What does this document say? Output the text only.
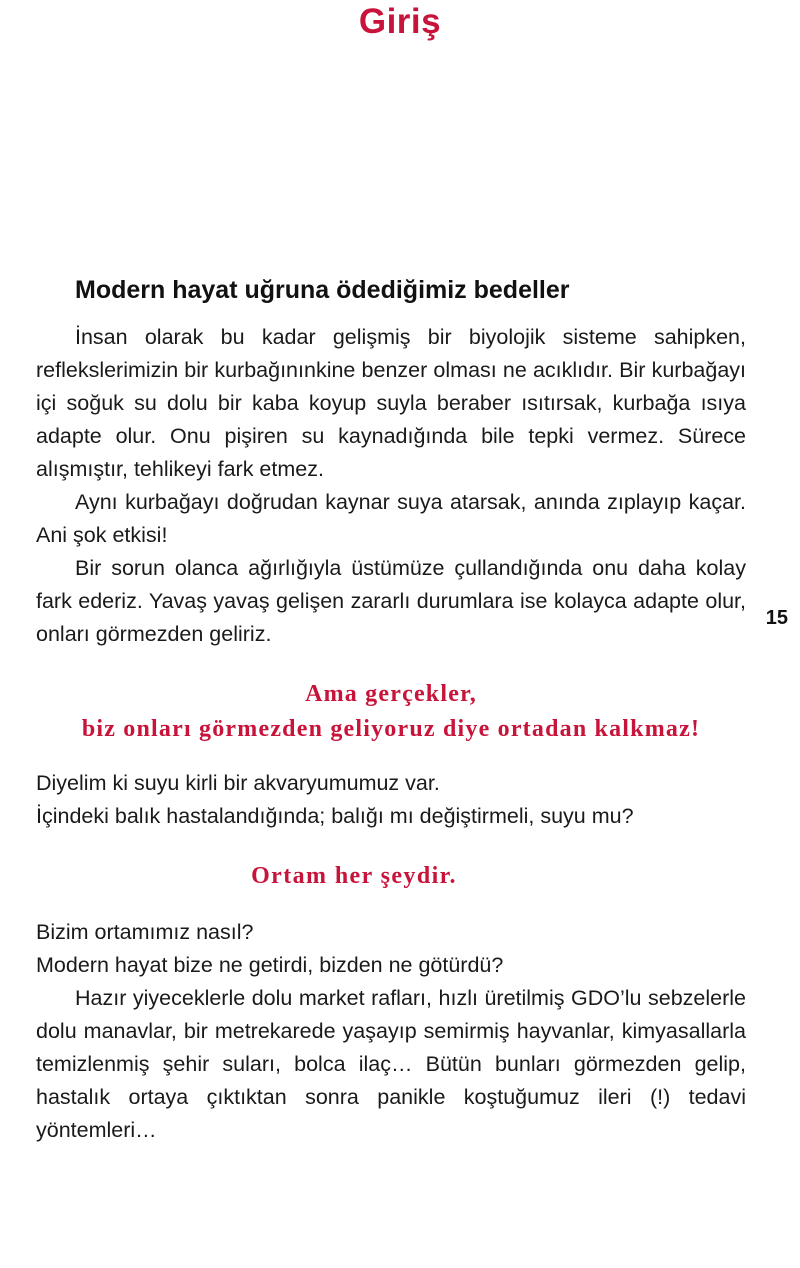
Giriş
15
Modern hayat uğruna ödediğimiz bedeller

İnsan olarak bu kadar gelişmiş bir biyolojik sisteme sahipken, reflekslerimizin bir kurbağınınkine benzer olması ne acıklıdır. Bir kurbağayı içi soğuk su dolu bir kaba koyup suyla beraber ısıtırsak, kurbağa ısıya adapte olur. Onu pişiren su kaynadığında bile tepki vermez. Sürece alışmıştır, tehlikeyi fark etmez.

Aynı kurbağayı doğrudan kaynar suya atarsak, anında zıplayıp kaçar. Ani şok etkisi!

Bir sorun olanca ağırlığıyla üstümüze çullandığında onu daha kolay fark ederiz. Yavaş yavaş gelişen zararlı durumlara ise kolayca adapte olur, onları görmezden geliriz.

Ama gerçekler,
biz onları görmezden geliyoruz diye ortadan kalkmaz!

Diyelim ki suyu kirli bir akvaryumumuz var.

İçindeki balık hastalandığında; balığı mı değiştirmeli, suyu mu?

Ortam her şeydir.

Bizim ortamımız nasıl?

Modern hayat bize ne getirdi, bizden ne götürdü?

Hazır yiyeceklerle dolu market rafları, hızlı üretilmiş GDO’lu sebzelerle dolu manavlar, bir metrekarede yaşayıp semirmiş hayvanlar, kimyasallarla temizlenmiş şehir suları, bolca ilaç… Bütün bunları görmezden gelip, hastalık ortaya çıktıktan sonra panikle koştuğumuz ileri (!) tedavi yöntemleri…
